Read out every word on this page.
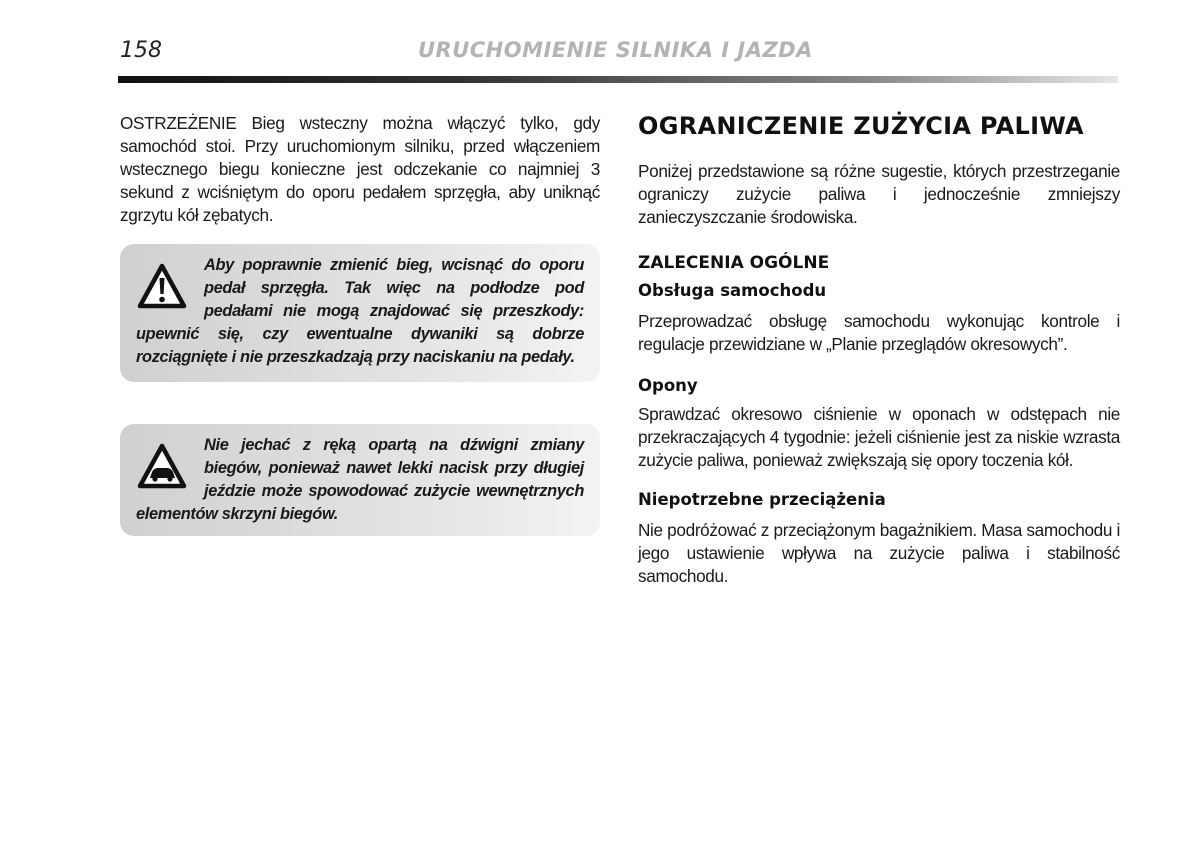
158	URUCHOMIENIE SILNIKA I JAZDA

OSTRZEŻENIE Bieg wsteczny można włączyć tylko, gdy samochód stoi. Przy uruchomionym silniku, przed włączeniem wstecznego biegu konieczne jest odczekanie co najmniej 3 sekund z wciśniętym do oporu pedałem sprzęgła, aby uniknąć zgrzytu kół zębatych.

Aby poprawnie zmienić bieg, wcisnąć do oporu pedał sprzęgła. Tak więc na podłodze pod pedałami nie mogą znajdować się przeszkody: upewnić się, czy ewentualne dywaniki są dobrze rozciągnięte i nie przeszkadzają przy naciskaniu na pedały.

Nie jechać z ręką opartą na dźwigni zmiany biegów, ponieważ nawet lekki nacisk przy długiej jeździe może spowodować zużycie wewnętrznych elementów skrzyni biegów.

OGRANICZENIE ZUŻYCIA PALIWA

Poniżej przedstawione są różne sugestie, których przestrzeganie ograniczy zużycie paliwa i jednocześnie zmniejszy zanieczyszczanie środowiska.

ZALECENIA OGÓLNE
Obsługa samochodu

Przeprowadzać obsługę samochodu wykonując kontrole i regulacje przewidziane w „Planie przeglądów okresowych”.

Opony

Sprawdzać okresowo ciśnienie w oponach w odstępach nie przekraczających 4 tygodnie: jeżeli ciśnienie jest za niskie wzrasta zużycie paliwa, ponieważ zwiększają się opory toczenia kół.

Niepotrzebne przeciążenia

Nie podróżować z przeciążonym bagażnikiem. Masa samochodu i jego ustawienie wpływa na zużycie paliwa i stabilność samochodu.
